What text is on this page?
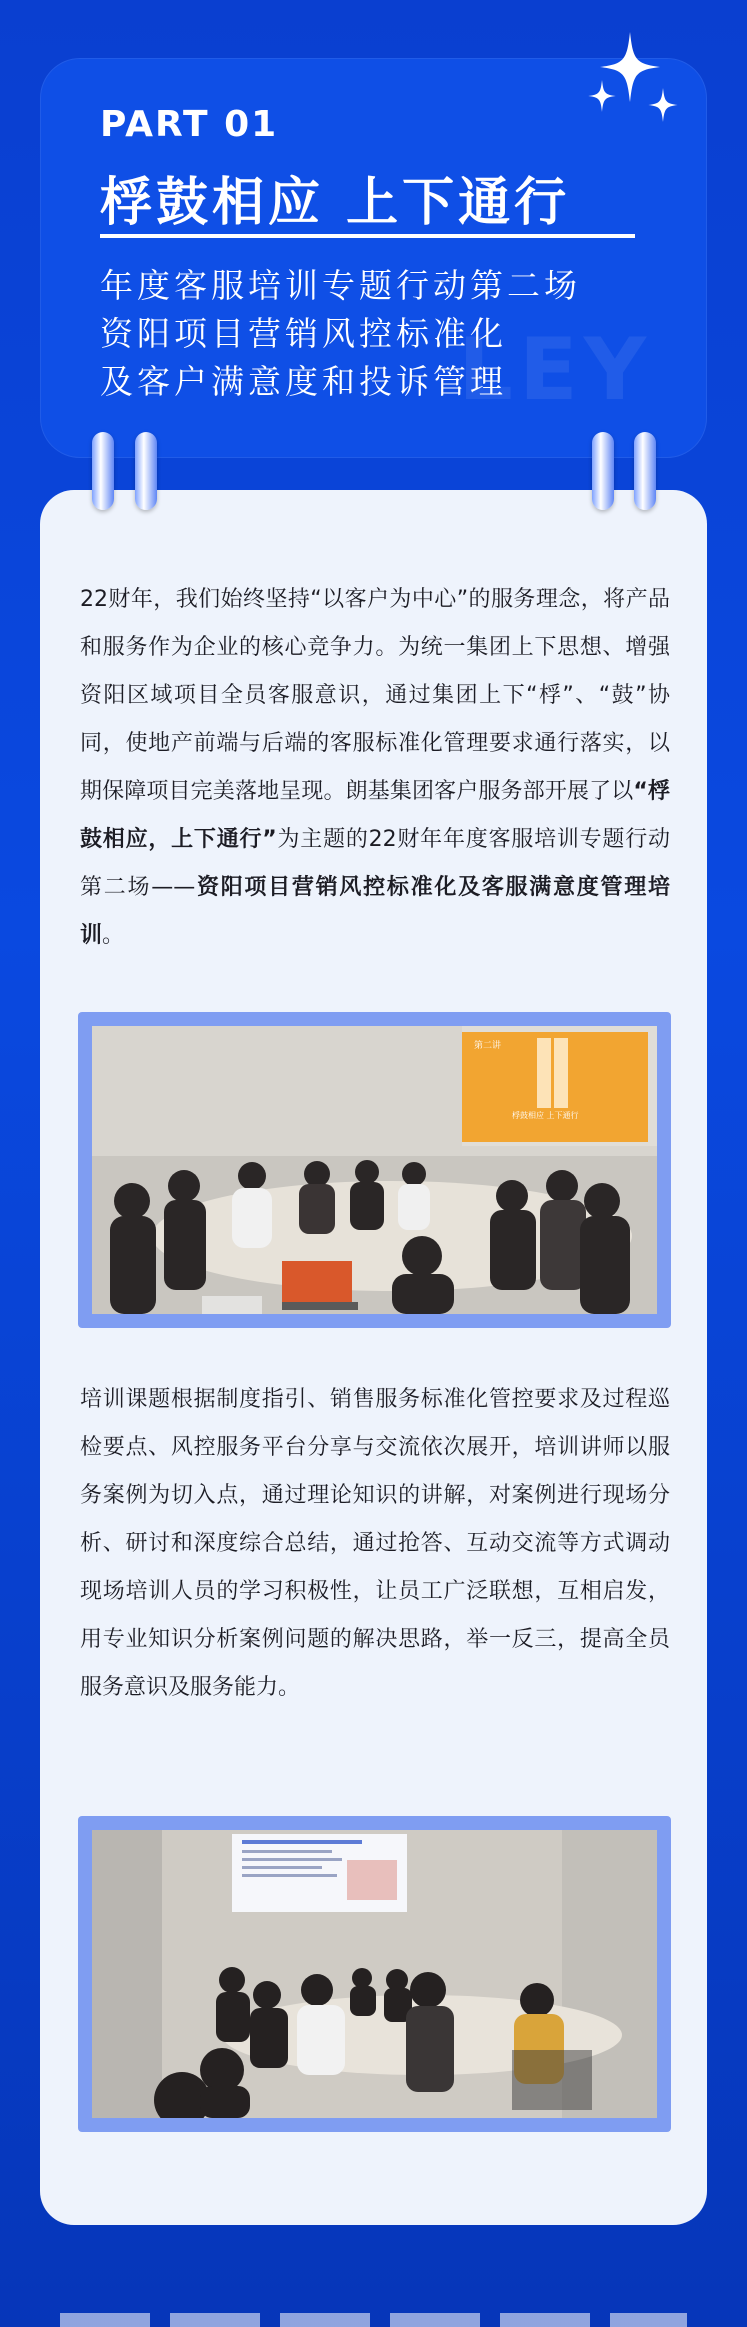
LEY
PART 01
桴鼓相应 上下通行
年度客服培训专题行动第二场
资阳项目营销风控标准化
及客户满意度和投诉管理

22财年，我们始终坚持“以客户为中心”的服务理念，将产品和服务作为企业的核心竞争力。为统一集团上下思想、增强资阳区域项目全员客服意识，通过集团上下“桴”、“鼓”协同，使地产前端与后端的客服标准化管理要求通行落实，以期保障项目完美落地呈现。朗基集团客户服务部开展了以“桴鼓相应，上下通行”为主题的22财年年度客服培训专题行动第二场——资阳项目营销风控标准化及客服满意度管理培训。

第二讲
桴鼓相应 上下通行

培训课题根据制度指引、销售服务标准化管控要求及过程巡检要点、风控服务平台分享与交流依次展开，培训讲师以服务案例为切入点，通过理论知识的讲解，对案例进行现场分析、研讨和深度综合总结，通过抢答、互动交流等方式调动现场培训人员的学习积极性，让员工广泛联想，互相启发，用专业知识分析案例问题的解决思路，举一反三，提高全员服务意识及服务能力。
